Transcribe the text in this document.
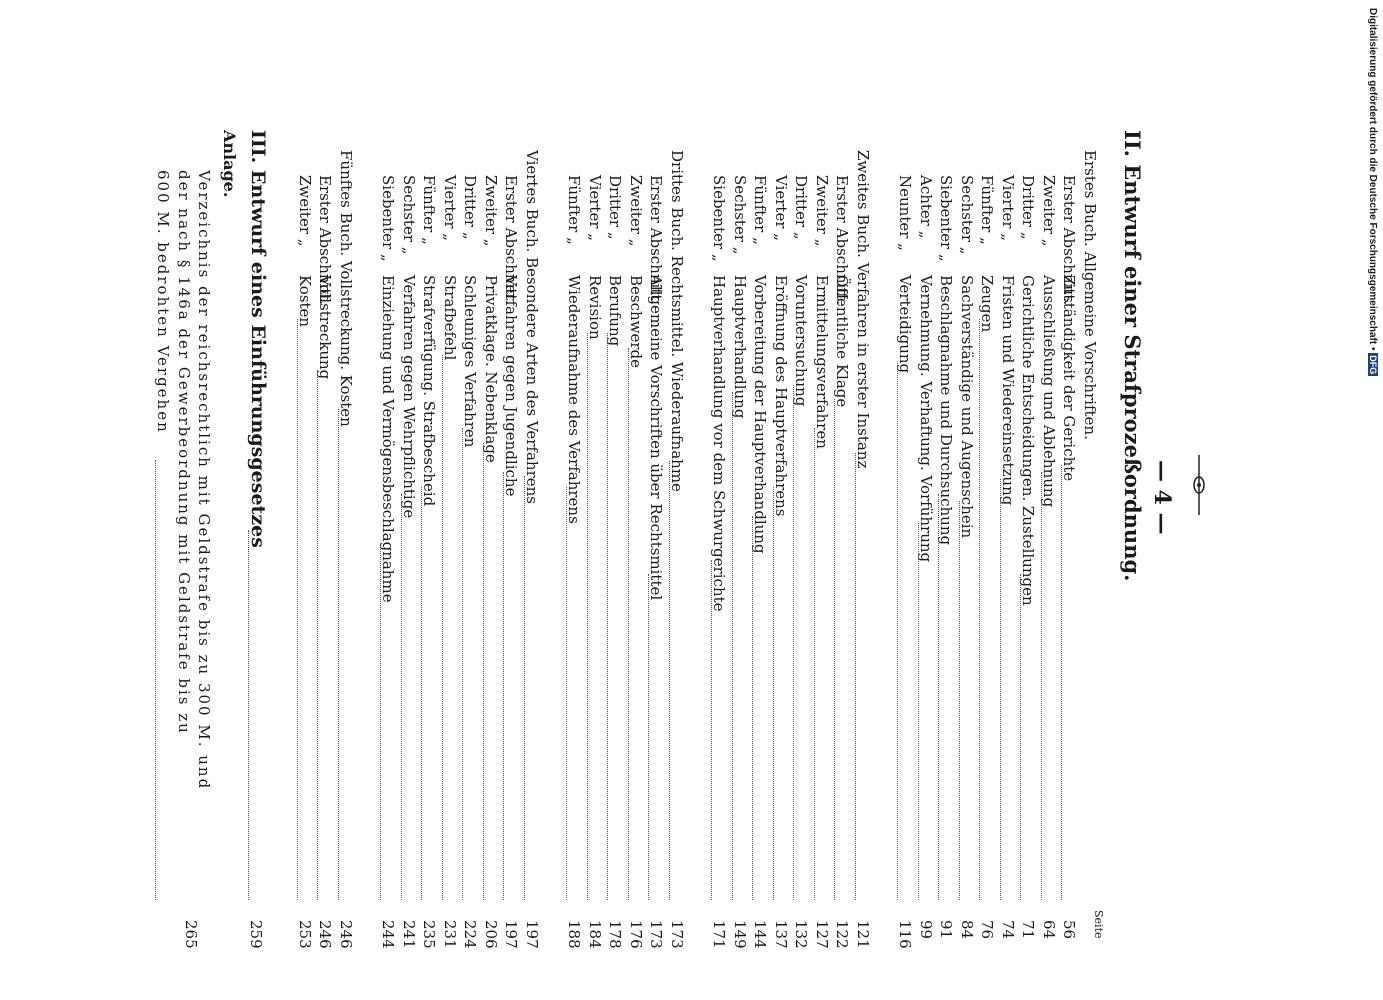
— 4 —
II. Entwurf einer Strafprozeßordnung.
Seite
Erstes Buch. Allgemeine Vorschriften.
Erster Abschnitt.
Zuständigkeit der Gerichte
56
Zweiter „
Ausschließung und Ablehnung
64
Dritter „
Gerichtliche Entscheidungen. Zustellungen
71
Vierter „
Fristen und Wiedereinsetzung
74
Fünfter „
Zeugen
76
Sechster „
Sachverständige und Augenschein
84
Siebenter „
Beschlagnahme und Durchsuchung
91
Achter „
Vernehmung. Verhaftung. Vorführung
99
Neunter „
Verteidigung
116
Zweites Buch. Verfahren in erster Instanz
121
Erster Abschnitt.
Öffentliche Klage
122
Zweiter „
Ermittelungsverfahren
127
Dritter „
Voruntersuchung
132
Vierter „
Eröffnung des Hauptverfahrens
137
Fünfter „
Vorbereitung der Hauptverhandlung
144
Sechster „
Hauptverhandlung
149
Siebenter „
Hauptverhandlung vor dem Schwurgerichte
171
Drittes Buch. Rechtsmittel. Wiederaufnahme
173
Erster Abschnitt.
Allgemeine Vorschriften über Rechtsmittel
173
Zweiter „
Beschwerde
176
Dritter „
Berufung
178
Vierter „
Revision
184
Fünfter „
Wiederaufnahme des Verfahrens
188
Viertes Buch. Besondere Arten des Verfahrens
197
Erster Abschnitt.
Verfahren gegen Jugendliche
197
Zweiter „
Privatklage. Nebenklage
206
Dritter „
Schleuniges Verfahren
224
Vierter „
Strafbefehl
231
Fünfter „
Strafverfügung. Strafbescheid
235
Sechster „
Verfahren gegen Wehrpflichtige
241
Siebenter „
Einziehung und Vermögensbeschlagnahme
244
Fünftes Buch. Vollstreckung. Kosten
246
Erster Abschnitt.
Vollstreckung
246
Zweiter „
Kosten
253
III. Entwurf eines Einführungsgesetzes
259
Anlage.
Verzeichnis der reichsrechtlich mit Geldstrafe bis zu 300 M. und
der nach § 146a der Gewerbeordnung mit Geldstrafe bis zu
600 M. bedrohten Vergehen
265
Digitalisierung gefördert durch die Deutsche Forschungsgemeinschaft • DFG
